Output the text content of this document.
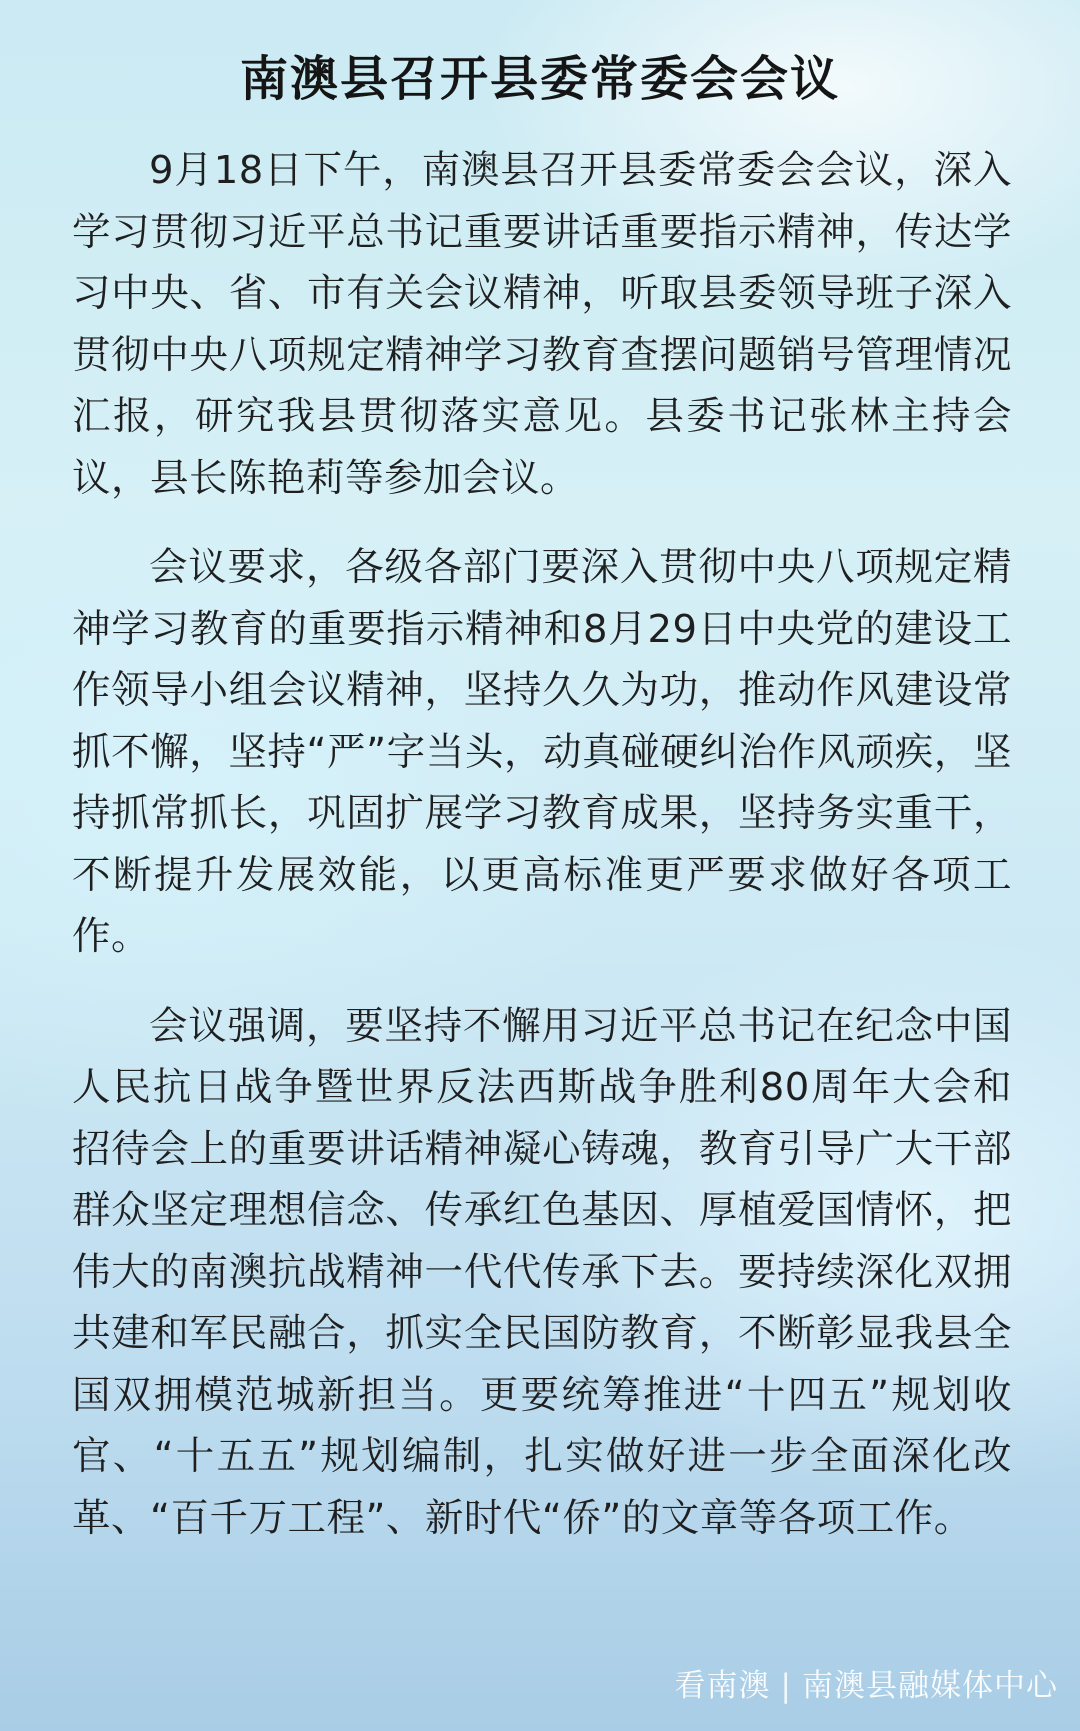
南澳县召开县委常委会会议

9月18日下午，南澳县召开县委常委会会议，深入学习贯彻习近平总书记重要讲话重要指示精神，传达学习中央、省、市有关会议精神，听取县委领导班子深入贯彻中央八项规定精神学习教育查摆问题销号管理情况汇报，研究我县贯彻落实意见。县委书记张林主持会议，县长陈艳莉等参加会议。

会议要求，各级各部门要深入贯彻中央八项规定精神学习教育的重要指示精神和8月29日中央党的建设工作领导小组会议精神，坚持久久为功，推动作风建设常抓不懈，坚持“严”字当头，动真碰硬纠治作风顽疾，坚持抓常抓长，巩固扩展学习教育成果，坚持务实重干，不断提升发展效能，以更高标准更严要求做好各项工作。

会议强调，要坚持不懈用习近平总书记在纪念中国人民抗日战争暨世界反法西斯战争胜利80周年大会和招待会上的重要讲话精神凝心铸魂，教育引导广大干部群众坚定理想信念、传承红色基因、厚植爱国情怀，把伟大的南澳抗战精神一代代传承下去。要持续深化双拥共建和军民融合，抓实全民国防教育，不断彰显我县全国双拥模范城新担当。更要统筹推进“十四五”规划收官、“十五五”规划编制，扎实做好进一步全面深化改革、“百千万工程”、新时代“侨”的文章等各项工作。

看南澳 | 南澳县融媒体中心
